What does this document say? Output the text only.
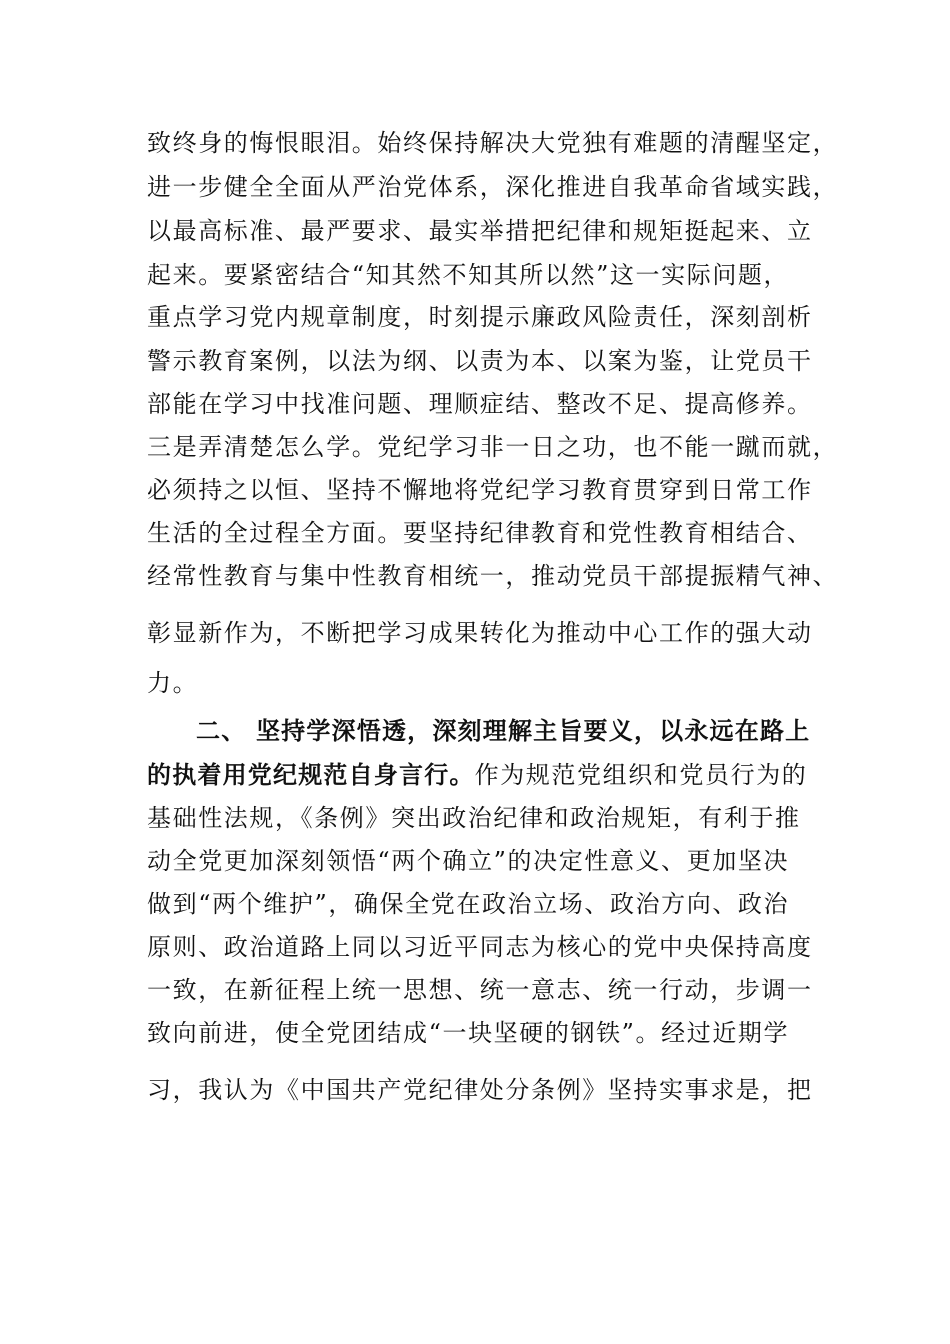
致终身的悔恨眼泪。始终保持解决大党独有难题的清醒坚定，
进一步健全全面从严治党体系，深化推进自我革命省域实践，
以最高标准、最严要求、最实举措把纪律和规矩挺起来、立
起来。要紧密结合“知其然不知其所以然”这一实际问题，
重点学习党内规章制度，时刻提示廉政风险责任，深刻剖析
警示教育案例，以法为纲、以责为本、以案为鉴，让党员干
部能在学习中找准问题、理顺症结、整改不足、提高修养。
三是弄清楚怎么学。党纪学习非一日之功，也不能一蹴而就，
必须持之以恒、坚持不懈地将党纪学习教育贯穿到日常工作
生活的全过程全方面。要坚持纪律教育和党性教育相结合、
经常性教育与集中性教育相统一，推动党员干部提振精气神、
彰显新作为，不断把学习成果转化为推动中心工作的强大动
力。
二、 坚持学深悟透，深刻理解主旨要义，以永远在路上
的执着用党纪规范自身言行。作为规范党组织和党员行为的
基础性法规，《条例》突出政治纪律和政治规矩，有利于推
动全党更加深刻领悟“两个确立”的决定性意义、更加坚决
做到“两个维护”，确保全党在政治立场、政治方向、政治
原则、政治道路上同以习近平同志为核心的党中央保持高度
一致，在新征程上统一思想、统一意志、统一行动，步调一
致向前进，使全党团结成“一块坚硬的钢铁”。经过近期学
习，我认为《中国共产党纪律处分条例》坚持实事求是，把
